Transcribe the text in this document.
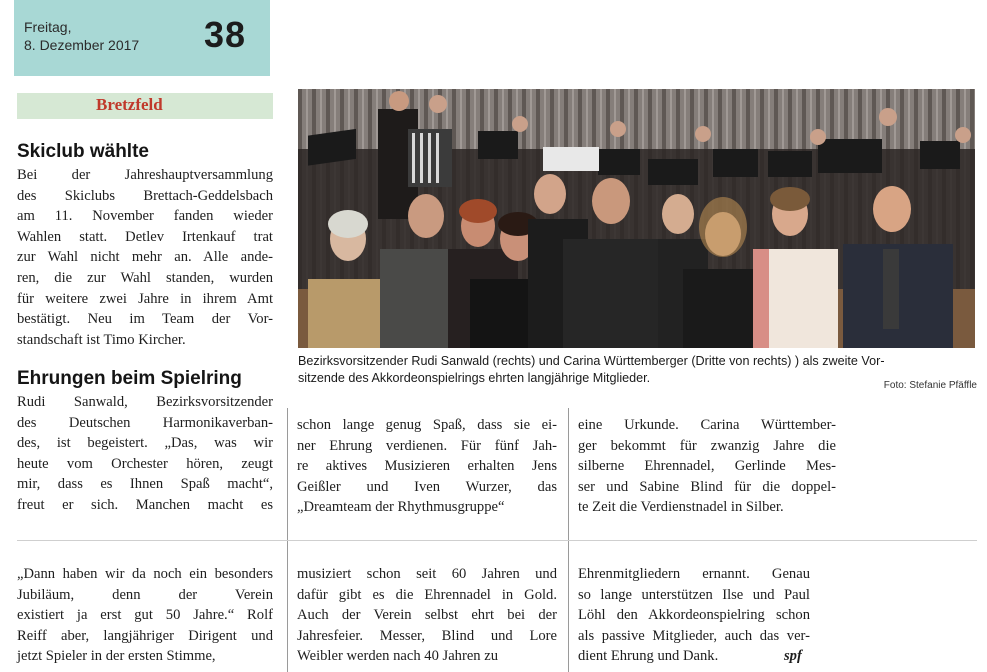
Freitag,
8. Dezember 2017 38
Bretzfeld
Skiclub wählte
Bei der Jahreshauptversammlung
des Skiclubs Brettach-Geddelsbach
am 11. November fanden wieder
Wahlen statt. Detlev Irtenkauf trat
zur Wahl nicht mehr an. Alle ande-
ren, die zur Wahl standen, wurden
für weitere zwei Jahre in ihrem Amt
bestätigt. Neu im Team der Vor-
standschaft ist Timo Kircher.
Ehrungen beim Spielring
Bezirksvorsitzender Rudi Sanwald (rechts) und Carina Württemberger (Dritte von rechts) ) als zweite Vor-
sitzende des Akkordeonspielrings ehrten langjährige Mitglieder.
Foto: Stefanie Pfäffle
Rudi Sanwald, Bezirksvorsitzender
des Deutschen Harmonikaverban-
des, ist begeistert. „Das, was wir
heute vom Orchester hören, zeugt
mir, dass es Ihnen Spaß macht“,
freut er sich. Manchen macht es
schon lange genug Spaß, dass sie ei-
ner Ehrung verdienen. Für fünf Jah-
re aktives Musizieren erhalten Jens
Geißler und Iven Wurzer, das
„Dreamteam der Rhythmusgruppe“
eine Urkunde. Carina Württember-
ger bekommt für zwanzig Jahre die
silberne Ehrennadel, Gerlinde Mes-
ser und Sabine Blind für die doppel-
te Zeit die Verdienstnadel in Silber.
„Dann haben wir da noch ein besonders
Jubiläum, denn der Verein
existiert ja erst gut 50 Jahre.“ Rolf
Reiff aber, langjähriger Dirigent und
jetzt Spieler in der ersten Stimme,
musiziert schon seit 60 Jahren und
dafür gibt es die Ehrennadel in Gold.
Auch der Verein selbst ehrt bei der
Jahresfeier. Messer, Blind und Lore
Weibler werden nach 40 Jahren zu
Ehrenmitgliedern ernannt. Genau
so lange unterstützen Ilse und Paul
Löhl den Akkordeonspielring schon
als passive Mitglieder, auch das ver-
dient Ehrung und Dank.	spf
